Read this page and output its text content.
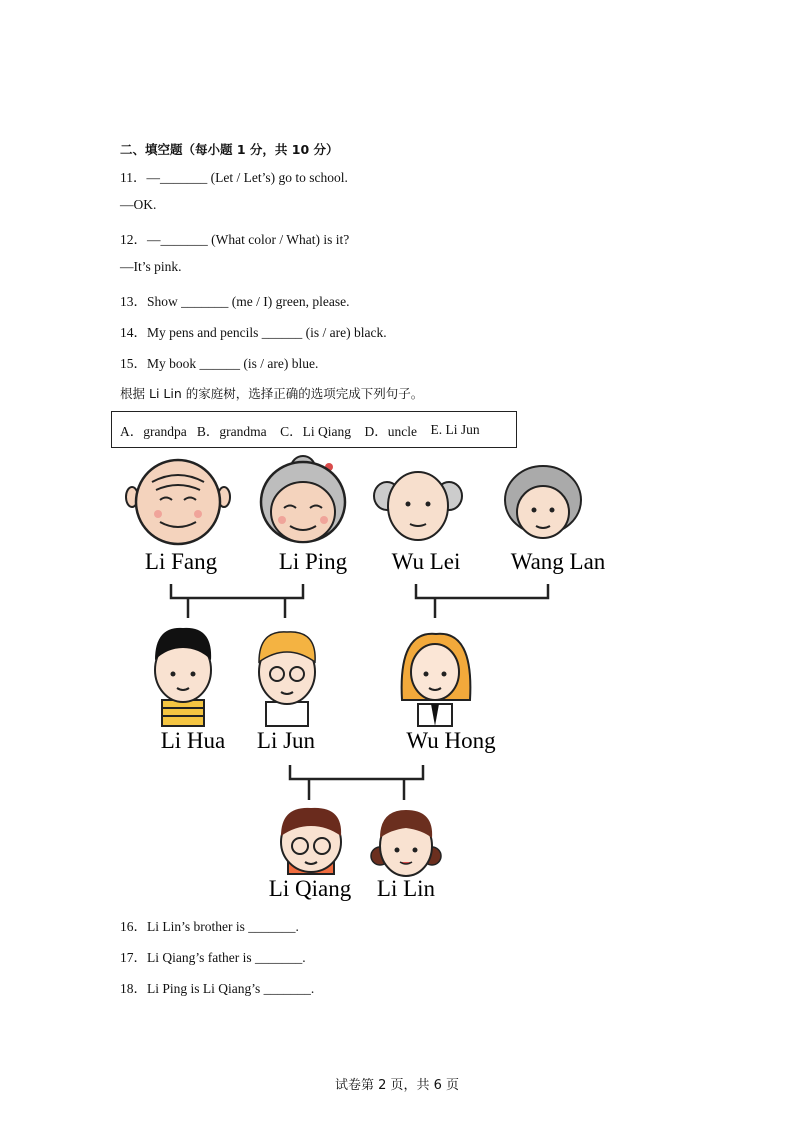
二、填空题（每小题 1 分，共 10 分）
11．—_______ (Let / Let’s) go to school.
—OK.
12．—_______ (What color / What) is it?
—It’s pink.
13．Show _______ (me / I) green, please.
14．My pens and pencils ______ (is / are) black.
15．My book ______ (is / are) blue.
根据 Li Lin 的家庭树，选择正确的选项完成下列句子。
A．grandpa
B．grandma
C．Li Qiang
D．uncle
E. Li Jun
Li Fang	Li Ping Wu Lei Wang Lan
Li Hua Li Jun	Wu Hong
Li Qiang Li Lin
16．Li Lin’s brother is _______.
17．Li Qiang’s father is _______.
18．Li Ping is Li Qiang’s _______.
试卷第 2 页，共 6 页
